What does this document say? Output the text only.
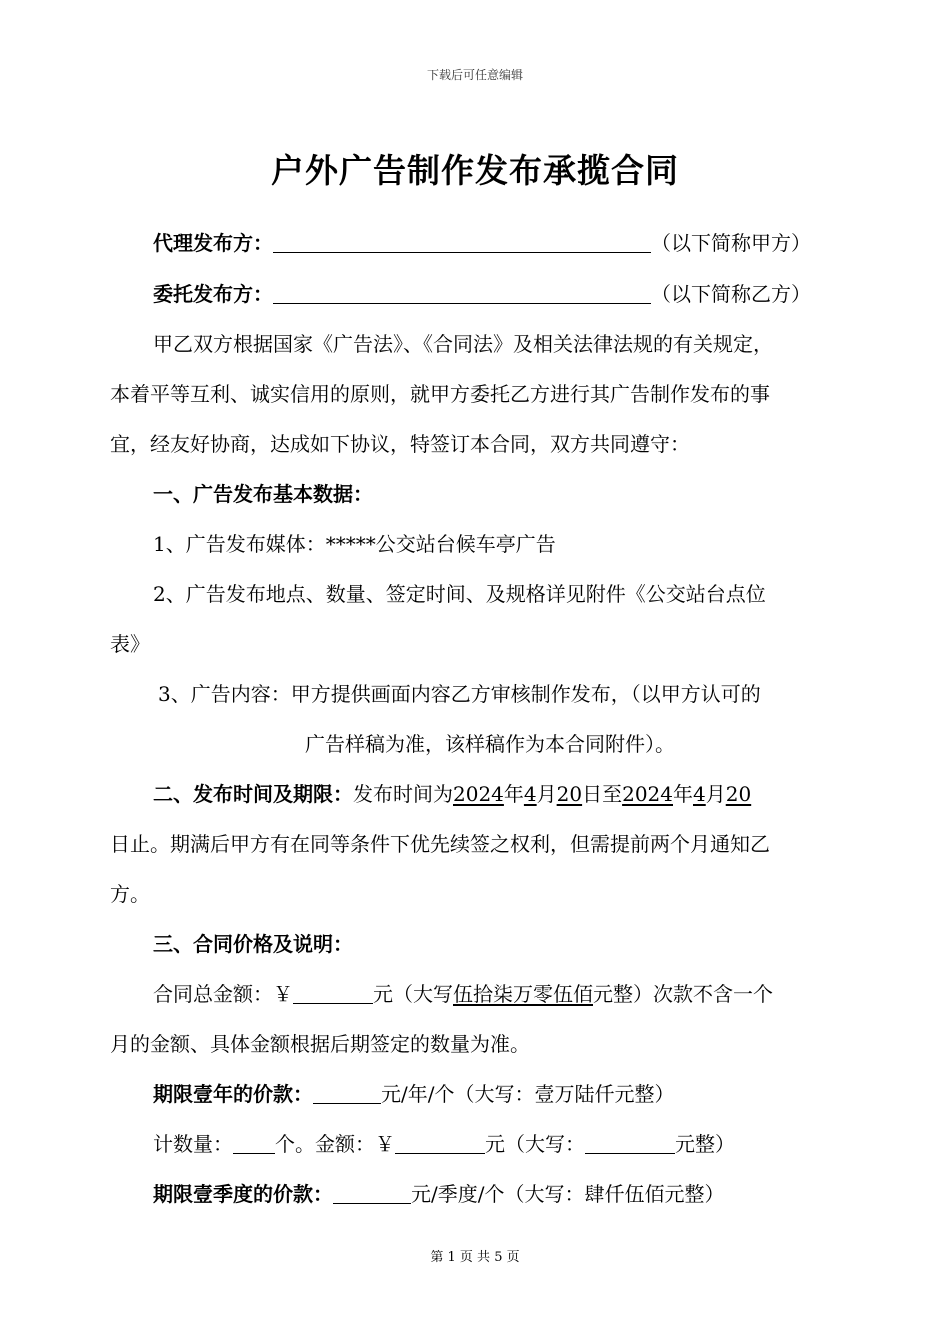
下载后可任意编辑
户外广告制作发布承揽合同
代理发布方：	（以下简称甲方）
委托发布方：	（以下简称乙方）
甲乙双方根据国家《广告法》、《合同法》及相关法律法规的有关规定，
本着平等互利、诚实信用的原则，就甲方委托乙方进行其广告制作发布的事
宜，经友好协商，达成如下协议，特签订本合同，双方共同遵守：
一、广告发布基本数据：
1、广告发布媒体：*****公交站台候车亭广告
2、广告发布地点、数量、签定时间、及规格详见附件《公交站台点位
表》
3、广告内容：甲方提供画面内容乙方审核制作发布，（以甲方认可的
广告样稿为准，该样稿作为本合同附件）。
二、发布时间及期限：发布时间为2024年4月20日至2024年4月20
日止。期满后甲方有在同等条件下优先续签之权利，但需提前两个月通知乙
方。
三、合同价格及说明：
合同总金额：￥	元（大写伍拾柒万零伍佰元整）次款不含一个
月的金额、具体金额根据后期签定的数量为准。
期限壹年的价款：	元/年/个（大写：壹万陆仟元整）
计数量： 个。金额：￥	元（大写：	元整）
期限壹季度的价款：	元/季度/个（大写：肆仟伍佰元整）
第 1 页 共 5 页
